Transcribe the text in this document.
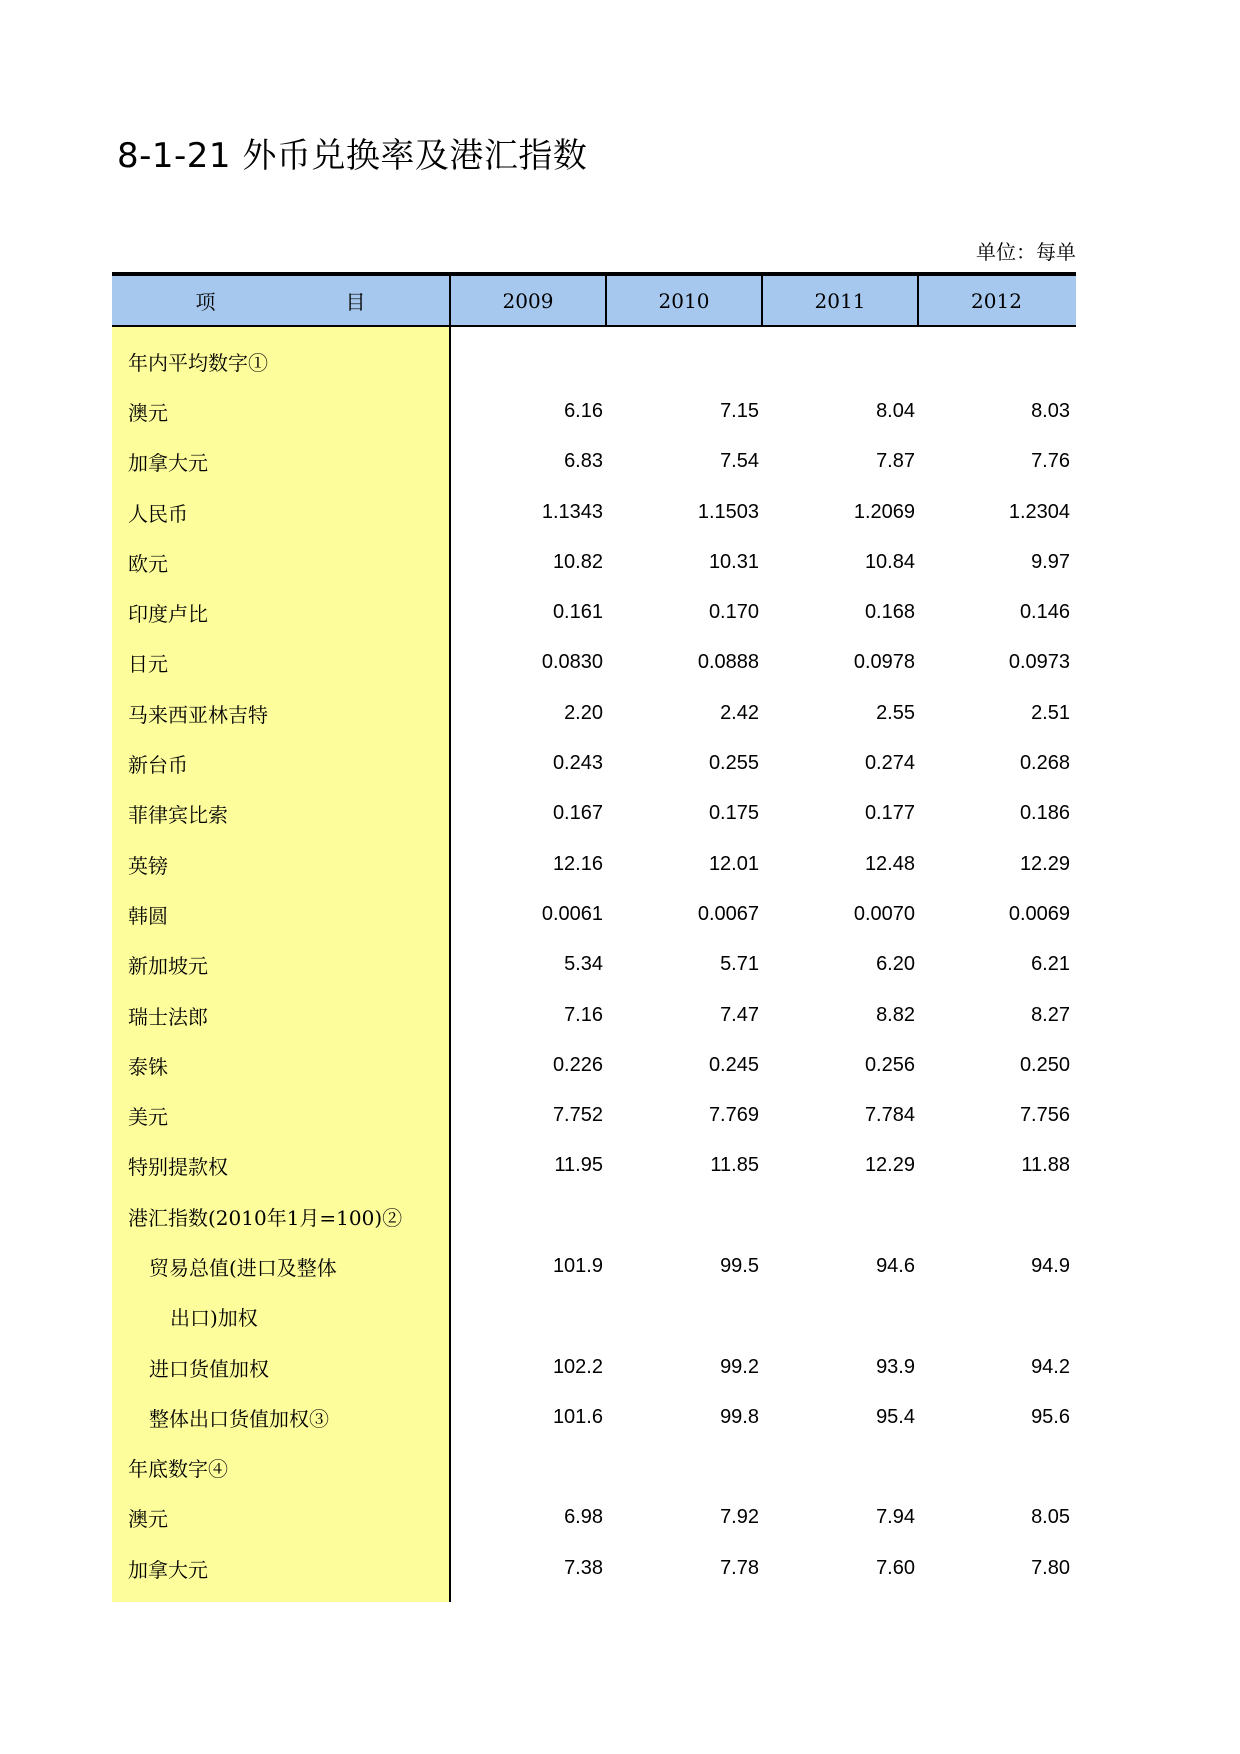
8-1-21 外币兑换率及港汇指数
单位：每单
项　　目	2009	2010	2011	2012
年内平均数字①
澳元	6.16	7.15	8.04	8.03
加拿大元	6.83	7.54	7.87	7.76
人民币	1.1343	1.1503	1.2069	1.2304
欧元	10.82	10.31	10.84	9.97
印度卢比	0.161	0.170	0.168	0.146
日元	0.0830	0.0888	0.0978	0.0973
马来西亚林吉特	2.20	2.42	2.55	2.51
新台币	0.243	0.255	0.274	0.268
菲律宾比索	0.167	0.175	0.177	0.186
英镑	12.16	12.01	12.48	12.29
韩圆	0.0061	0.0067	0.0070	0.0069
新加坡元	5.34	5.71	6.20	6.21
瑞士法郎	7.16	7.47	8.82	8.27
泰铢	0.226	0.245	0.256	0.250
美元	7.752	7.769	7.784	7.756
特别提款权	11.95	11.85	12.29	11.88
港汇指数(2010年1月=100)②
贸易总值(进口及整体	101.9	99.5	94.6	94.9
出口)加权
进口货值加权	102.2	99.2	93.9	94.2
整体出口货值加权③	101.6	99.8	95.4	95.6
年底数字④
澳元	6.98	7.92	7.94	8.05
加拿大元	7.38	7.78	7.60	7.80
